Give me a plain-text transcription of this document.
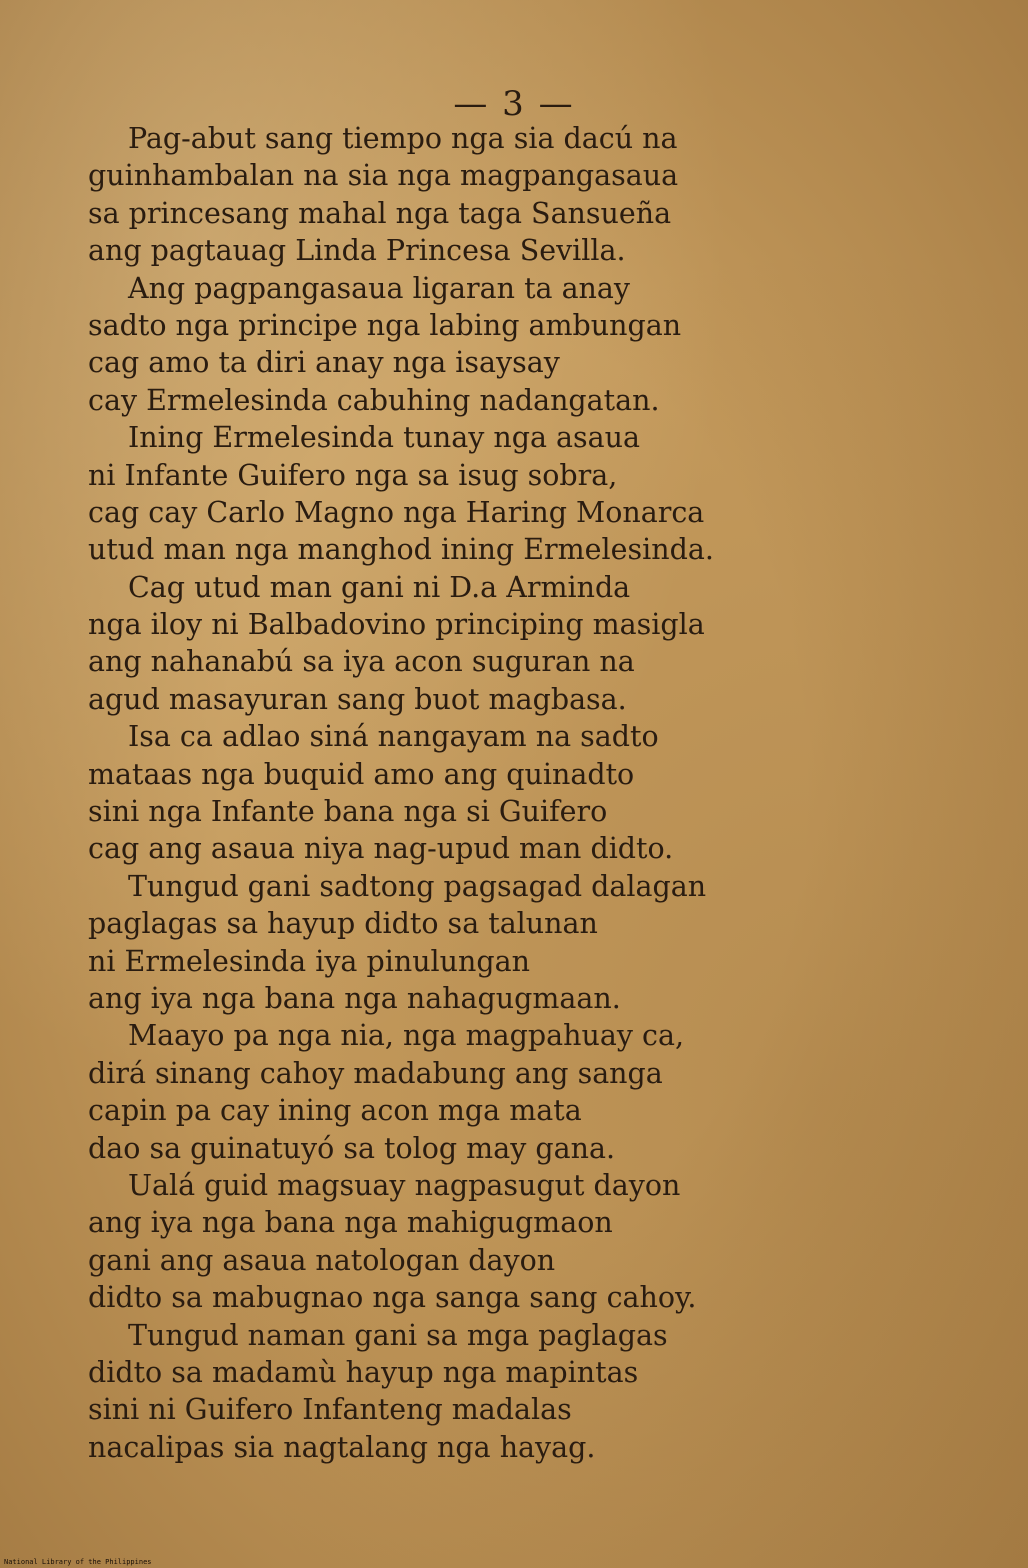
— 3 —
Pag-abut sang tiempo nga sia dacú na
guinhambalan na sia nga magpangasaua
sa princesang mahal nga taga Sansueña
ang pagtauag Linda Princesa Sevilla.
Ang pagpangasaua ligaran ta anay
sadto nga principe nga labing ambungan
cag amo ta diri anay nga isaysay
cay Ermelesinda cabuhing nadangatan.
Ining Ermelesinda tunay nga asaua
ni Infante Guifero nga sa isug sobra,
cag cay Carlo Magno nga Haring Monarca
utud man nga manghod ining Ermelesinda.
Cag utud man gani ni D.a Arminda
nga iloy ni Balbadovino principing masigla
ang nahanabú sa iya acon suguran na
agud masayuran sang buot magbasa.
Isa ca adlao siná nangayam na sadto
mataas nga buquid amo ang quinadto
sini nga Infante bana nga si Guifero
cag ang asaua niya nag-upud man didto.
Tungud gani sadtong pagsagad dalagan
paglagas sa hayup didto sa talunan
ni Ermelesinda iya pinulungan
ang iya nga bana nga nahagugmaan.
Maayo pa nga nia, nga magpahuay ca,
dirá sinang cahoy madabung ang sanga
capin pa cay ining acon mga mata
dao sa guinatuyó sa tolog may gana.
Ualá guid magsuay nagpasugut dayon
ang iya nga bana nga mahigugmaon
gani ang asaua natologan dayon
didto sa mabugnao nga sanga sang cahoy.
Tungud naman gani sa mga paglagas
didto sa madamù hayup nga mapintas
sini ni Guifero Infanteng madalas
nacalipas sia nagtalang nga hayag.
National Library of the Philippines
